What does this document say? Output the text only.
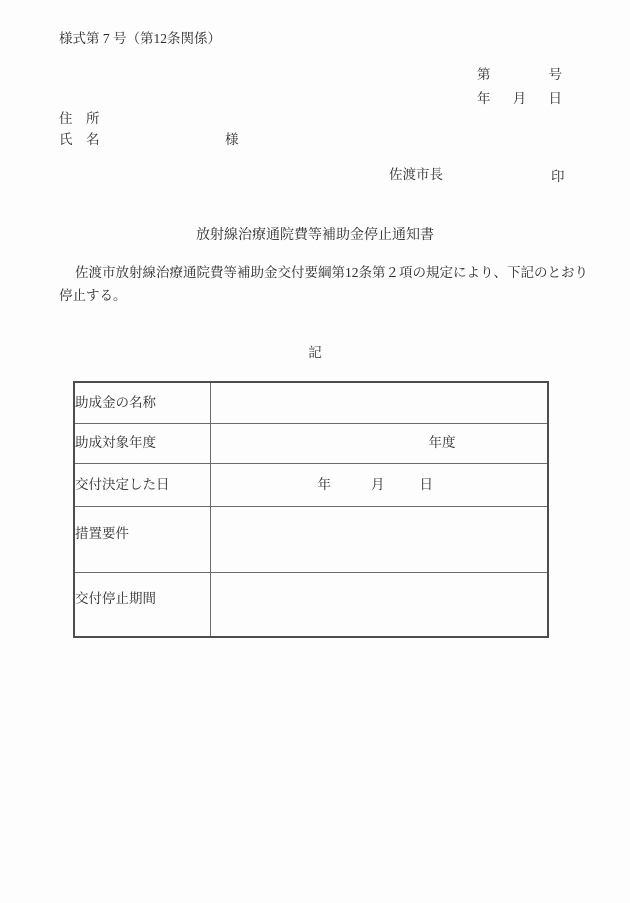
様式第 7 号（第12条関係）
第	号
年 月 日
住　所
氏　名	様
佐渡市長	印
放射線治療通院費等補助金停止通知書
佐渡市放射線治療通院費等補助金交付要綱第12条第２項の規定により、下記のとおり
停止する。
記
助成金の名称	
助成対象年度	年度
交付決定した日	年 月 日

措置要件	
交付停止期間	
